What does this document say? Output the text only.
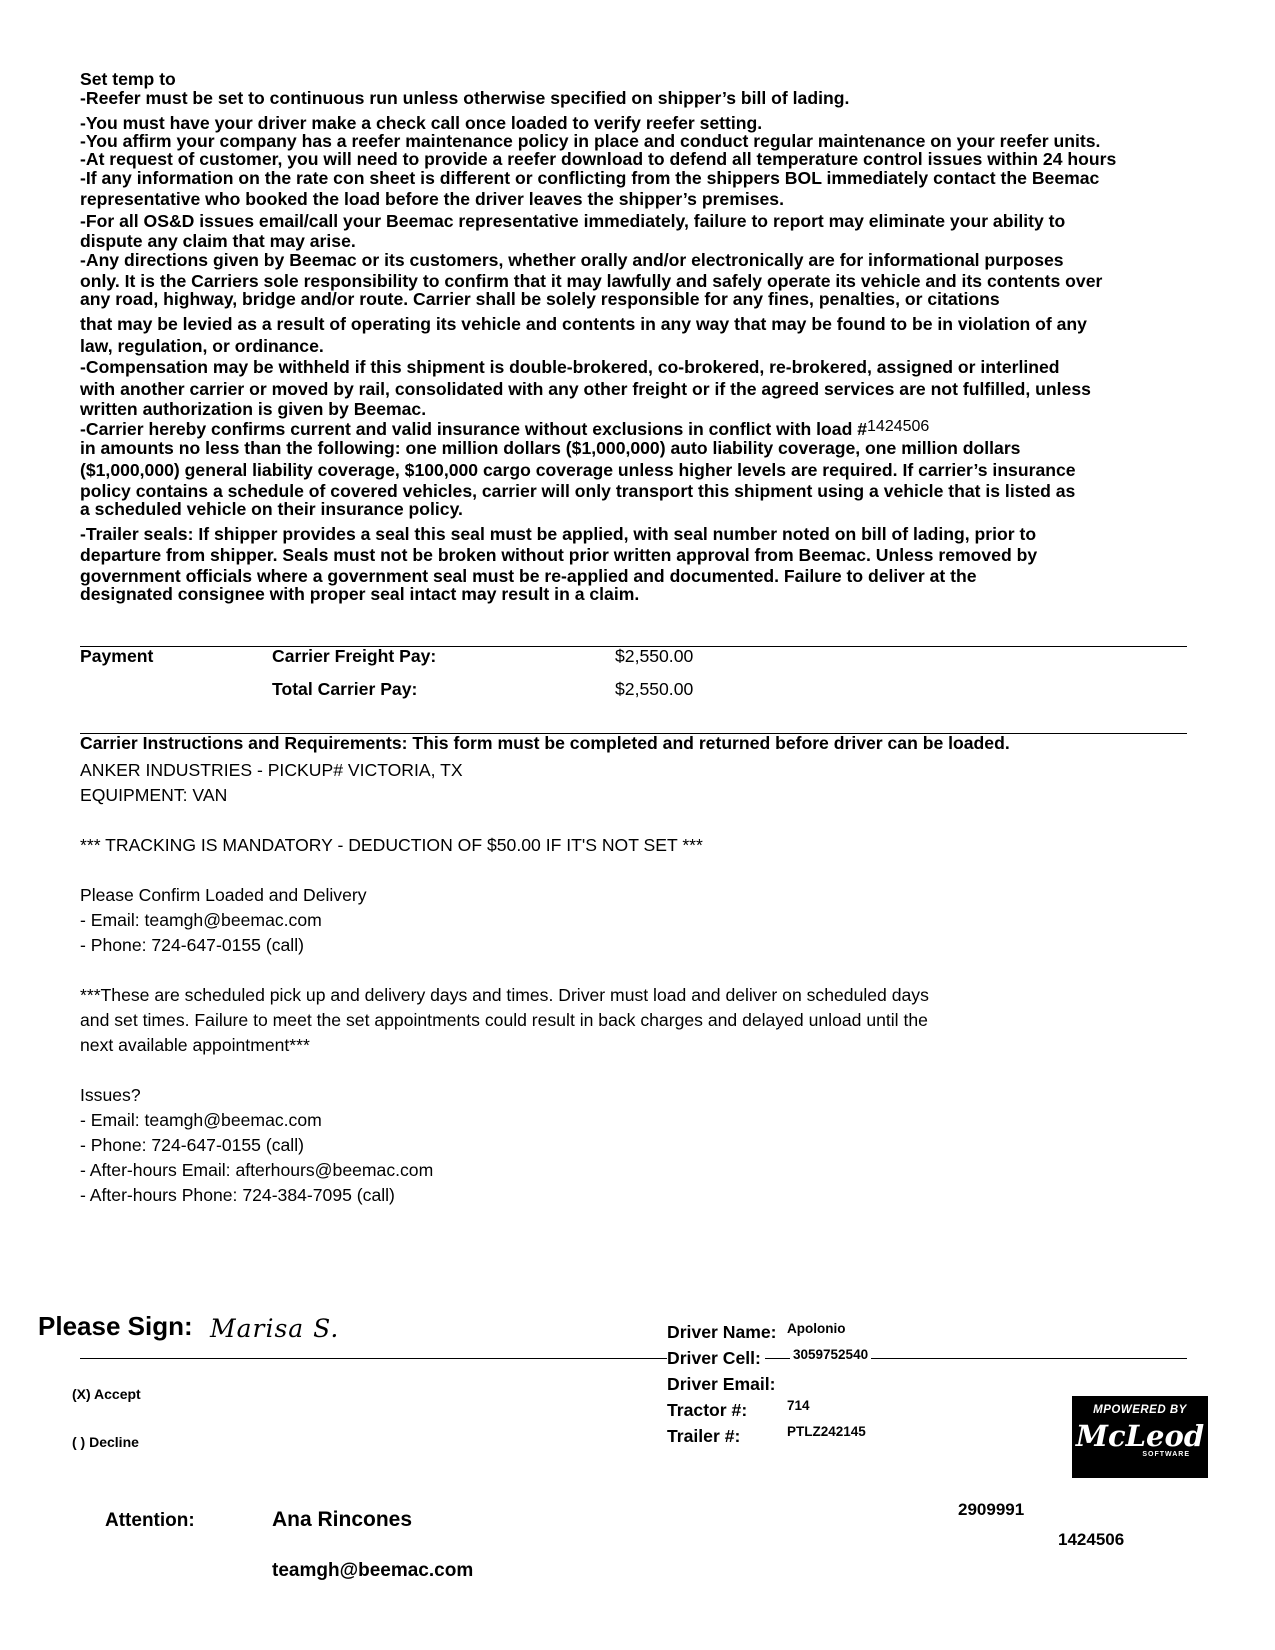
Set temp to

-Reefer must be set to continuous run unless otherwise specified on shipper’s bill of lading.

-You must have your driver make a check call once loaded to verify reefer setting.

-You affirm your company has a reefer maintenance policy in place and conduct regular maintenance on your reefer units.

-At request of customer, you will need to provide a reefer download to defend all temperature control issues within 24 hours

-If any information on the rate con sheet is different or conflicting from the shippers BOL immediately contact the Beemac

representative who booked the load before the driver leaves the shipper’s premises.

-For all OS&D issues email/call your Beemac representative immediately, failure to report may eliminate your ability to

dispute any claim that may arise.

-Any directions given by Beemac or its customers, whether orally and/or electronically are for informational purposes

only. It is the Carriers sole responsibility to confirm that it may lawfully and safely operate its vehicle and its contents over

any road, highway, bridge and/or route. Carrier shall be solely responsible for any fines, penalties, or citations

that may be levied as a result of operating its vehicle and contents in any way that may be found to be in violation of any

law, regulation, or ordinance.

-Compensation may be withheld if this shipment is double-brokered, co-brokered, re-brokered, assigned or interlined

with another carrier or moved by rail, consolidated with any other freight or if the agreed services are not fulfilled, unless

written authorization is given by Beemac.

-Carrier hereby confirms current and valid insurance without exclusions in conflict with load #1424506

in amounts no less than the following: one million dollars ($1,000,000) auto liability coverage, one million dollars

($1,000,000) general liability coverage, $100,000 cargo coverage unless higher levels are required. If carrier’s insurance

policy contains a schedule of covered vehicles, carrier will only transport this shipment using a vehicle that is listed as

a scheduled vehicle on their insurance policy.

-Trailer seals: If shipper provides a seal this seal must be applied, with seal number noted on bill of lading, prior to

departure from shipper. Seals must not be broken without prior written approval from Beemac. Unless removed by

government officials where a government seal must be re-applied and documented. Failure to deliver at the

designated consignee with proper seal intact may result in a claim.

Payment	Carrier Freight Pay:	$2,550.00
Total Carrier Pay:	$2,550.00
Carrier Instructions and Requirements: This form must be completed and returned before driver can be loaded.

ANKER INDUSTRIES - PICKUP# VICTORIA, TX

EQUIPMENT: VAN

*** TRACKING IS MANDATORY - DEDUCTION OF $50.00 IF IT'S NOT SET ***

Please Confirm Loaded and Delivery

- Email: teamgh@beemac.com

- Phone: 724-647-0155 (call)

***These are scheduled pick up and delivery days and times. Driver must load and deliver on scheduled days

and set times. Failure to meet the set appointments could result in back charges and delayed unload until the

next available appointment***

Issues?

- Email: teamgh@beemac.com

- Phone: 724-647-0155 (call)

- After-hours Email: afterhours@beemac.com

- After-hours Phone: 724-384-7095 (call)

Please Sign: Marisa S.
(X) Accept
( ) Decline
Driver Name: Apolonio
Driver Cell: 3059752540
Driver Email:
Tractor #:	714
Trailer #:	PTLZ242145
MPOWERED BY
McLeod
SOFTWARE
Attention:	Ana Rincones
teamgh@beemac.com
2909991
1424506
